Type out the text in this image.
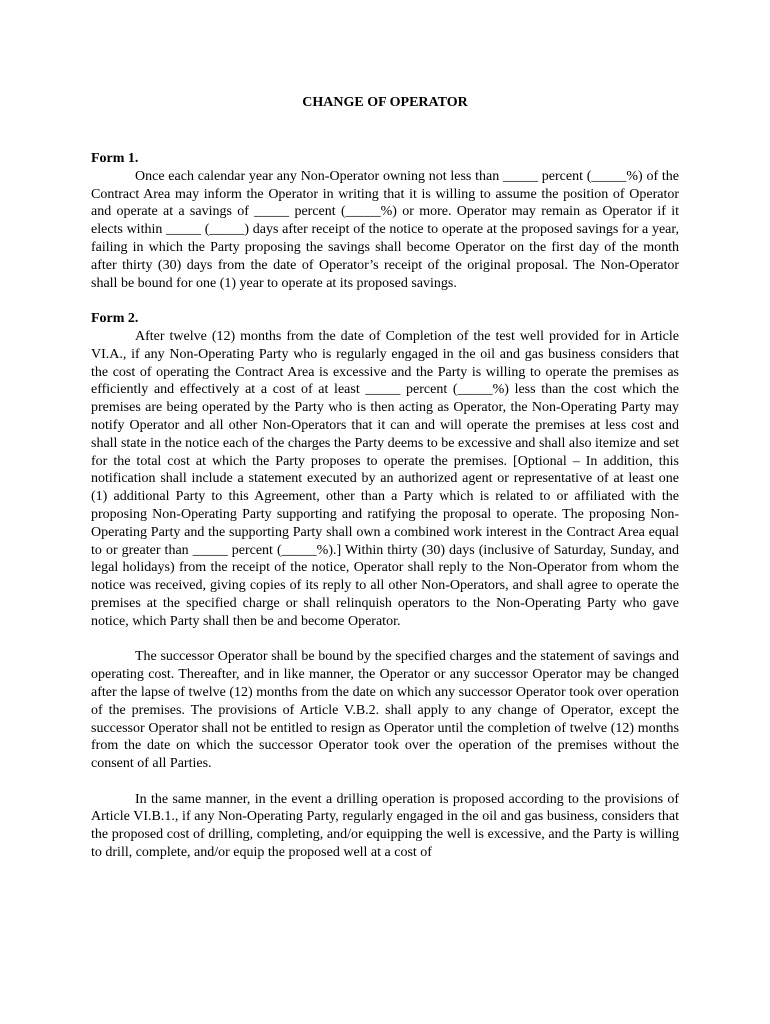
CHANGE OF OPERATOR

Form 1.

Once each calendar year any Non-Operator owning not less than _____ percent (_____%) of the Contract Area may inform the Operator in writing that it is willing to assume the position of Operator and operate at a savings of _____ percent (_____%) or more. Operator may remain as Operator if it elects within _____ (_____) days after receipt of the notice to operate at the proposed savings for a year, failing in which the Party proposing the savings shall become Operator on the first day of the month after thirty (30) days from the date of Operator’s receipt of the original proposal. The Non-Operator shall be bound for one (1) year to operate at its proposed savings.

Form 2.

After twelve (12) months from the date of Completion of the test well provided for in Article VI.A., if any Non-Operating Party who is regularly engaged in the oil and gas business considers that the cost of operating the Contract Area is excessive and the Party is willing to operate the premises as efficiently and effectively at a cost of at least _____ percent (_____%) less than the cost which the premises are being operated by the Party who is then acting as Operator, the Non-Operating Party may notify Operator and all other Non-Operators that it can and will operate the premises at less cost and shall state in the notice each of the charges the Party deems to be excessive and shall also itemize and set for the total cost at which the Party proposes to operate the premises. [Optional – In addition, this notification shall include a statement executed by an authorized agent or representative of at least one (1) additional Party to this Agreement, other than a Party which is related to or affiliated with the proposing Non-Operating Party supporting and ratifying the proposal to operate. The proposing Non-Operating Party and the supporting Party shall own a combined work interest in the Contract Area equal to or greater than _____ percent (_____%).] Within thirty (30) days (inclusive of Saturday, Sunday, and legal holidays) from the receipt of the notice, Operator shall reply to the Non-Operator from whom the notice was received, giving copies of its reply to all other Non-Operators, and shall agree to operate the premises at the specified charge or shall relinquish operators to the Non-Operating Party who gave notice, which Party shall then be and become Operator.

The successor Operator shall be bound by the specified charges and the statement of savings and operating cost. Thereafter, and in like manner, the Operator or any successor Operator may be changed after the lapse of twelve (12) months from the date on which any successor Operator took over operation of the premises. The provisions of Article V.B.2. shall apply to any change of Operator, except the successor Operator shall not be entitled to resign as Operator until the completion of twelve (12) months from the date on which the successor Operator took over the operation of the premises without the consent of all Parties.

In the same manner, in the event a drilling operation is proposed according to the provisions of Article VI.B.1., if any Non-Operating Party, regularly engaged in the oil and gas business, considers that the proposed cost of drilling, completing, and/or equipping the well is excessive, and the Party is willing to drill, complete, and/or equip the proposed well at a cost of
